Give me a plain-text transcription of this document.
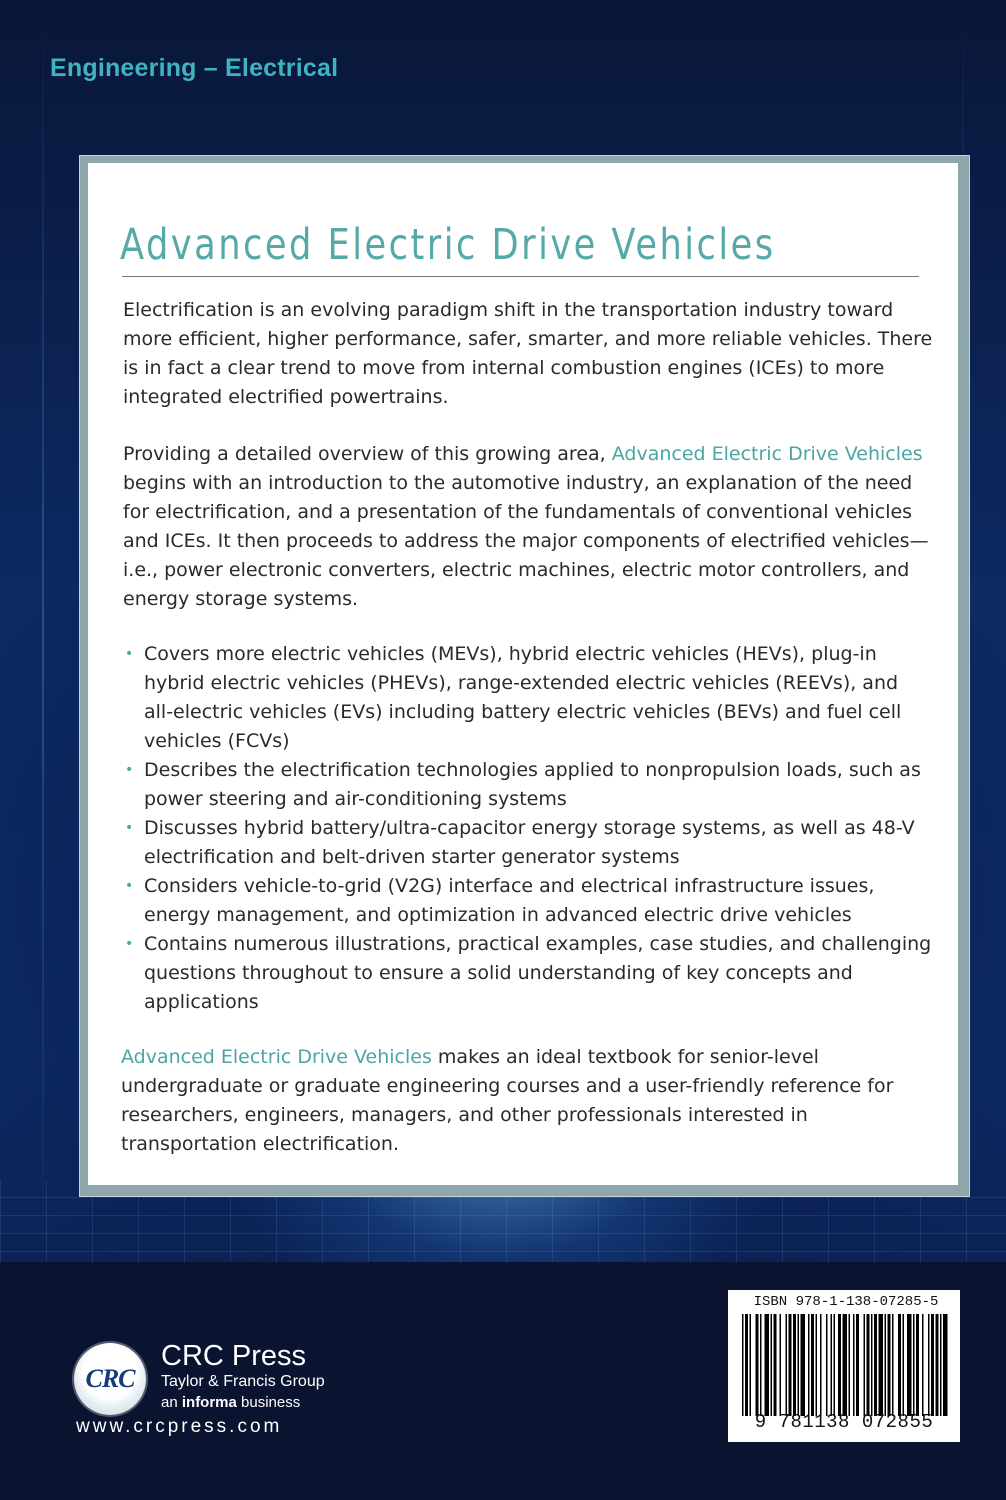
Engineering – Electrical
Advanced Electric Drive Vehicles
Electrification is an evolving paradigm shift in the transportation industry toward more efficient, higher performance, safer, smarter, and more reliable vehicles. There is in fact a clear trend to move from internal combustion engines (ICEs) to more integrated electrified powertrains.
Providing a detailed overview of this growing area, Advanced Electric Drive Vehicles begins with an introduction to the automotive industry, an explanation of the need for electrification, and a presentation of the fundamentals of conventional vehicles and ICEs. It then proceeds to address the major components of electrified vehicles—i.e., power electronic converters, electric machines, electric motor controllers, and energy storage systems.
• Covers more electric vehicles (MEVs), hybrid electric vehicles (HEVs), plug-in hybrid electric vehicles (PHEVs), range-extended electric vehicles (REEVs), and all-electric vehicles (EVs) including battery electric vehicles (BEVs) and fuel cell vehicles (FCVs)
• Describes the electrification technologies applied to nonpropulsion loads, such as power steering and air-conditioning systems
• Discusses hybrid battery/ultra-capacitor energy storage systems, as well as 48-V electrification and belt-driven starter generator systems
• Considers vehicle-to-grid (V2G) interface and electrical infrastructure issues, energy management, and optimization in advanced electric drive vehicles
• Contains numerous illustrations, practical examples, case studies, and challenging questions throughout to ensure a solid understanding of key concepts and applications
Advanced Electric Drive Vehicles makes an ideal textbook for senior-level undergraduate or graduate engineering courses and a user-friendly reference for researchers, engineers, managers, and other professionals interested in transportation electrification.
CRC
CRC Press
Taylor & Francis Group
an informa business
www.crcpress.com
ISBN 978-1-138-07285-5
9 781138 072855
